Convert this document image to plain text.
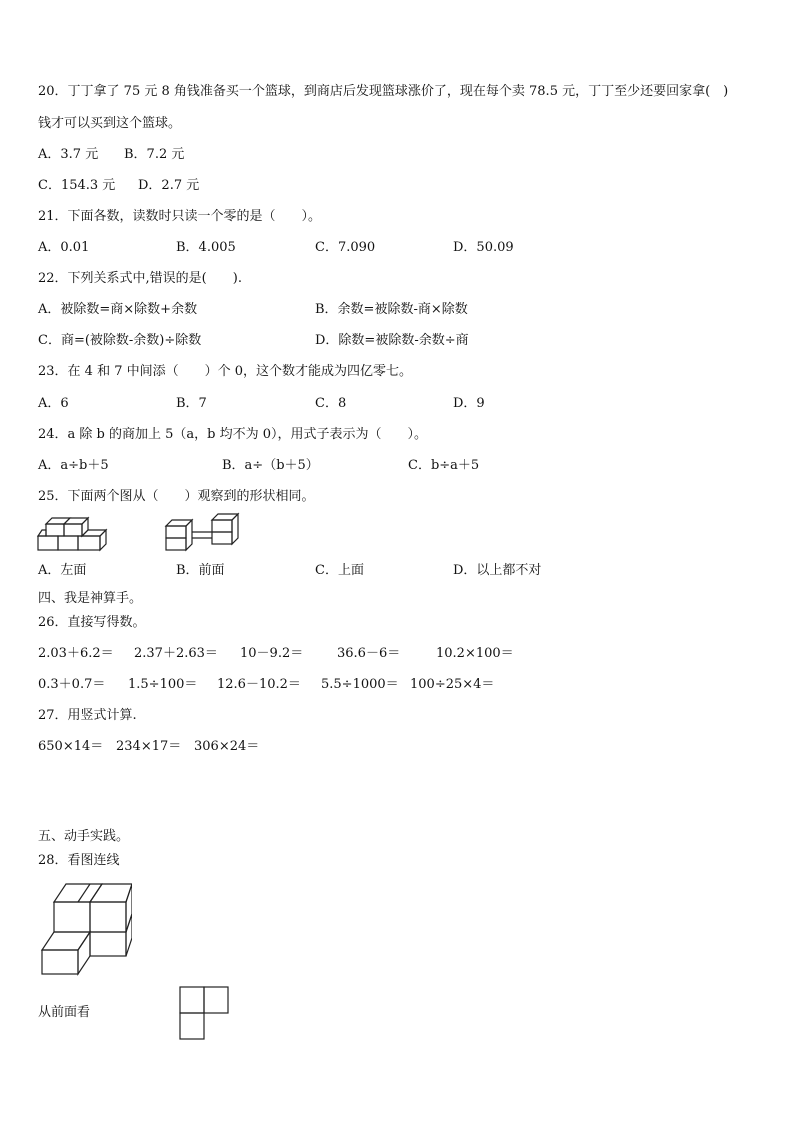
20．丁丁拿了 75 元 8 角钱准备买一个篮球，到商店后发现篮球涨价了，现在每个卖 78.5 元，丁丁至少还要回家拿(　)
钱才可以买到这个篮球。
A．3.7 元 B．7.2 元
C．154.3 元 D．2.7 元
21．下面各数，读数时只读一个零的是（　　）。
A．0.01	B．4.005	C．7.090	D．50.09
22．下列关系式中,错误的是(　　).
A．被除数=商×除数+余数	B．余数=被除数-商×除数
C．商=(被除数-余数)÷除数	D．除数=被除数-余数÷商
23．在 4 和 7 中间添（　　）个 0，这个数才能成为四亿零七。
A．6	B．7	C．8	D．9
24．a 除 b 的商加上 5（a，b 均不为 0），用式子表示为（　　）。
A．a÷b＋5	B．a÷（b＋5）	C．b÷a＋5
25．下面两个图从（　　）观察到的形状相同。
A．左面	B．前面	C．上面	D．以上都不对
四、我是神算手。
26．直接写得数。
2.03＋6.2＝ 2.37＋2.63＝ 10－9.2＝	36.6－6＝	10.2×100＝
0.3＋0.7＝ 1.5÷100＝ 12.6－10.2＝ 5.5÷1000＝ 100÷25×4＝
27．用竖式计算.
650×14＝ 234×17＝ 306×24＝
五、动手实践。
28．看图连线
从前面看
